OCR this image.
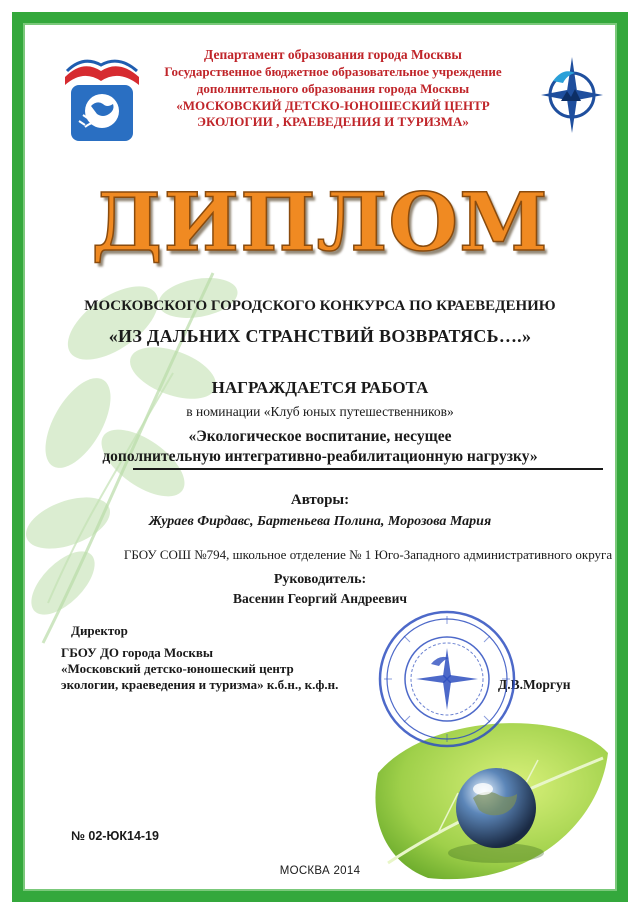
Департамент образования города Москвы
Государственное бюджетное образовательное учреждение
дополнительного образования города Москвы
«МОСКОВСКИЙ ДЕТСКО-ЮНОШЕСКИЙ ЦЕНТР
ЭКОЛОГИИ , КРАЕВЕДЕНИЯ И ТУРИЗМА»
ДИПЛОМ
МОСКОВСКОГО ГОРОДСКОГО КОНКУРСА ПО КРАЕВЕДЕНИЮ
«ИЗ ДАЛЬНИХ СТРАНСТВИЙ ВОЗВРАТЯСЬ….»
НАГРАЖДАЕТСЯ РАБОТА
в номинации «Клуб юных путешественников»
«Экологическое воспитание, несущее
дополнительную интегративно-реабилитационную нагрузку»
Авторы:
Жураев Фирдавс, Бартеньева Полина, Морозова Мария
ГБОУ СОШ №794, школьное отделение № 1 Юго-Западного административного округа
Руководитель:
Васенин Георгий Андреевич
Директор
ГБОУ ДО города Москвы
«Московский детско-юношеский центр
экологии, краеведения и туризма» к.б.н., к.ф.н.	Д.В.Моргун
№ 02-ЮК14-19
МОСКВА 2014
